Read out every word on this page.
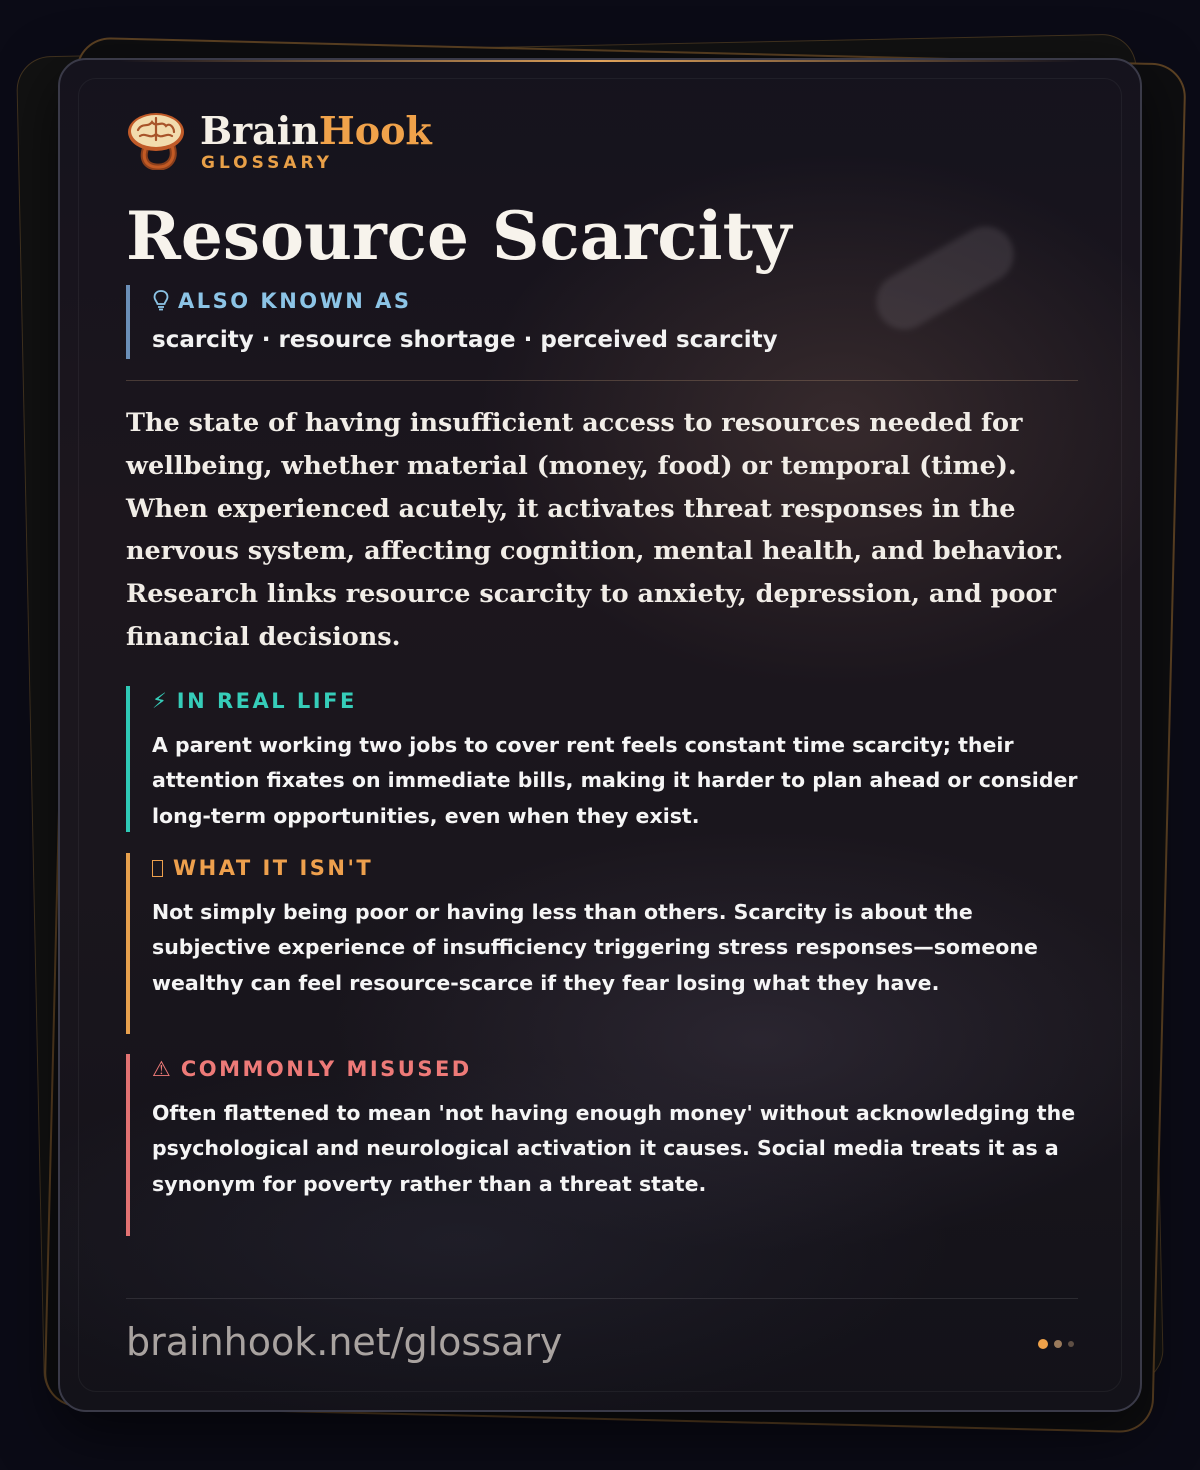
BrainHook
GLOSSARY
Resource Scarcity
ALSO KNOWN AS
scarcity · resource shortage · perceived scarcity

The state of having insufficient access to resources needed for wellbeing, whether material (money, food) or temporal (time). When experienced acutely, it activates threat responses in the nervous system, affecting cognition, mental health, and behavior. Research links resource scarcity to anxiety, depression, and poor financial decisions.

⚡ IN REAL LIFE
A parent working two jobs to cover rent feels constant time scarcity; their attention fixates on immediate bills, making it harder to plan ahead or consider long-term opportunities, even when they exist.
WHAT IT ISN'T
Not simply being poor or having less than others. Scarcity is about the subjective experience of insufficiency triggering stress responses—someone wealthy can feel resource-scarce if they fear losing what they have.
⚠ COMMONLY MISUSED
Often flattened to mean 'not having enough money' without acknowledging the psychological and neurological activation it causes. Social media treats it as a synonym for poverty rather than a threat state.
brainhook.net/glossary
